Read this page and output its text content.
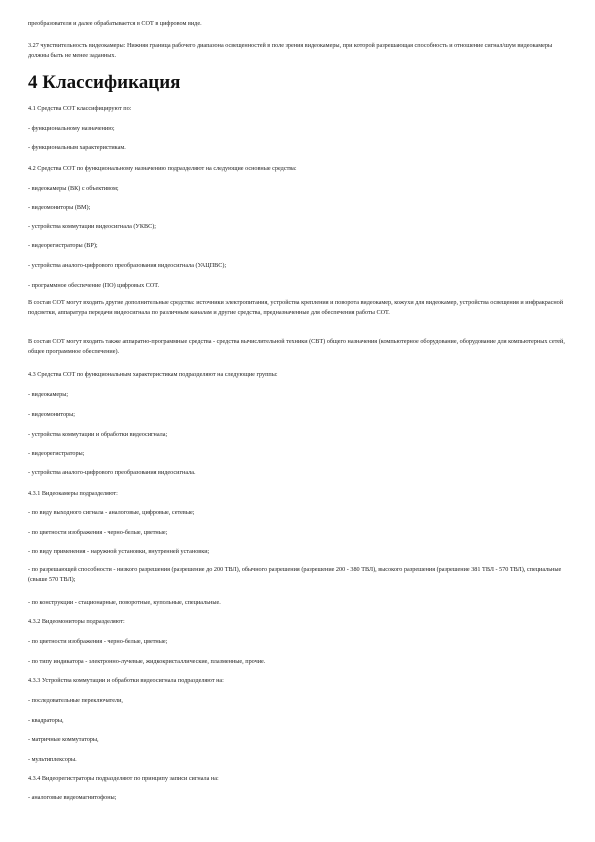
преобразователя и далее обрабатывается в СОТ в цифровом виде.
3.27 чувствительность видеокамеры: Нижняя граница рабочего диапазона освещенностей в поле зрения видеокамеры, при которой разрешающая способность и отношение сигнал/шум видеокамеры должны быть не менее заданных.
4 Классификация
4.1 Средства СОТ классифицируют по:
- функциональному назначению;
- функциональным характеристикам.
4.2 Средства СОТ по функциональному назначению подразделяют на следующие основные средства:
- видеокамеры (ВК) с объективом;
- видеомониторы (ВМ);
- устройства коммутации видеосигнала (УКВС);
- видеорегистраторы (ВР);
- устройства аналого-цифрового преобразования видеосигнала (УАЦПВС);
- программное обеспечение (ПО) цифровых СОТ.
В состав СОТ могут входить другие дополнительные средства: источники электропитания, устройства крепления и поворота видеокамер, кожухи для видеокамер, устройства освещения и инфракрасной подсветки, аппаратура передачи видеосигнала по различным каналам и другие средства, предназначенные для обеспечения работы СОТ.
В состав СОТ могут входить также аппаратно-программные средства - средства вычислительной техники (СВТ) общего назначения (компьютерное оборудование, оборудование для компьютерных сетей, общее программное обеспечение).
4.3 Средства СОТ по функциональным характеристикам подразделяют на следующие группы:
- видеокамеры;
- видеомониторы;
- устройства коммутации и обработки видеосигнала;
- видеорегистраторы;
- устройства аналого-цифрового преобразования видеосигнала.
4.3.1 Видеокамеры подразделяют:
- по виду выходного сигнала - аналоговые, цифровые, сетевые;
- по цветности изображения - черно-белые, цветные;
- по виду применения - наружной установки, внутренней установки;
- по разрешающей способности - низкого разрешения (разрешение до 200 ТВЛ), обычного разрешения (разрешение 200 - 380 ТВЛ), высокого разрешения (разрешение 381 ТВЛ - 570 ТВЛ), специальные (свыше 570 ТВЛ);
- по конструкции - стационарные, поворотные, купольные, специальные.
4.3.2 Видеомониторы подразделяют:
- по цветности изображения - черно-белые, цветные;
- по типу индикатора - электронно-лучевые, жидкокристаллические, плазменные, прочие.
4.3.3 Устройства коммутации и обработки видеосигнала подразделяют на:
- последовательные переключатели,
- квадраторы,
- матричные коммутаторы,
- мультиплексоры.
4.3.4 Видеорегистраторы подразделяют по принципу записи сигнала на:
- аналоговые видеомагнитофоны;
